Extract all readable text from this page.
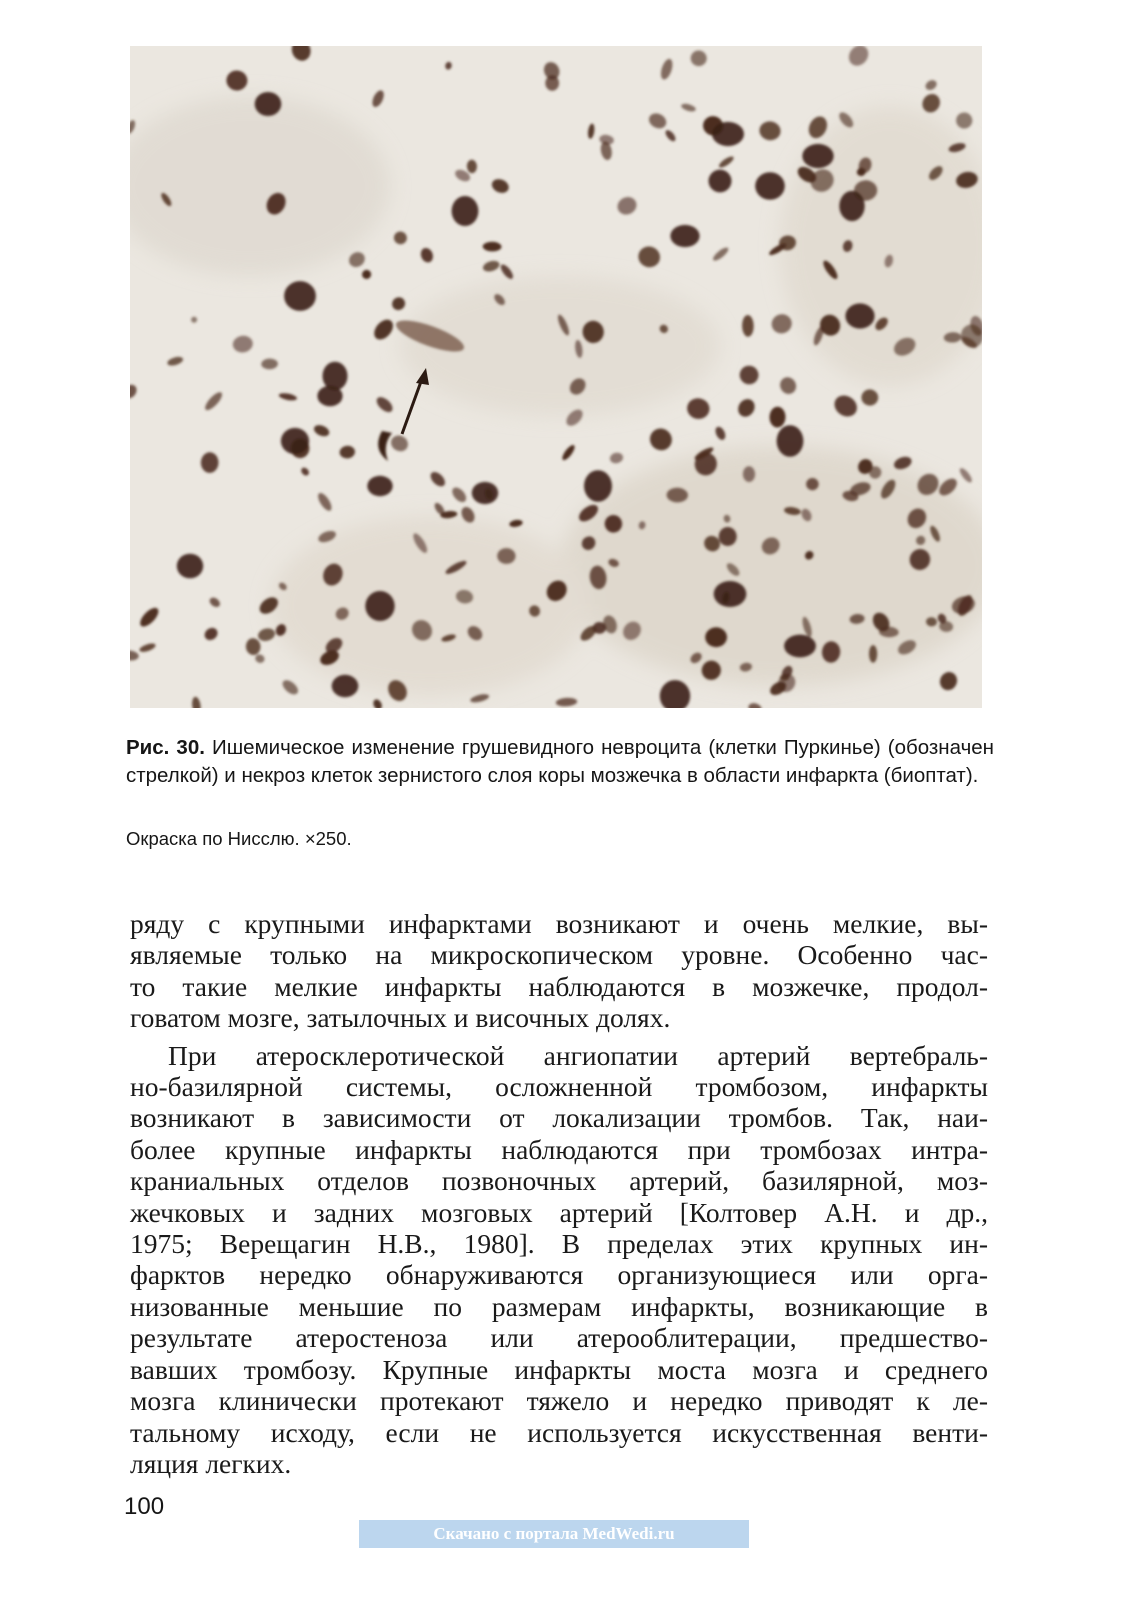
Рис. 30. Ишемическое изменение грушевидного невроцита (клетки Пуркинье) (обозначен стрелкой) и некроз клеток зернистого слоя коры мозжечка в области инфаркта (биоптат).
Окраска по Нисслю. ×250.
ряду с крупными инфарктами возникают и очень мелкие, вы-
являемые только на микроскопическом уровне. Особенно час-
то такие мелкие инфаркты наблюдаются в мозжечке, продол-
говатом мозге, затылочных и височных долях.
При атеросклеротической ангиопатии артерий вертебраль-
но-базилярной системы, осложненной тромбозом, инфаркты
возникают в зависимости от локализации тромбов. Так, наи-
более крупные инфаркты наблюдаются при тромбозах интра-
краниальных отделов позвоночных артерий, базилярной, моз-
жечковых и задних мозговых артерий [Колтовер А.Н. и др.,
1975; Верещагин Н.В., 1980]. В пределах этих крупных ин-
фарктов нередко обнаруживаются организующиеся или орга-
низованные меньшие по размерам инфаркты, возникающие в
результате атеростеноза или атерооблитерации, предшество-
вавших тромбозу. Крупные инфаркты моста мозга и среднего
мозга клинически протекают тяжело и нередко приводят к ле-
тальному исходу, если не используется искусственная венти-
ляция легких.
100
Скачано с портала MedWedi.ru
